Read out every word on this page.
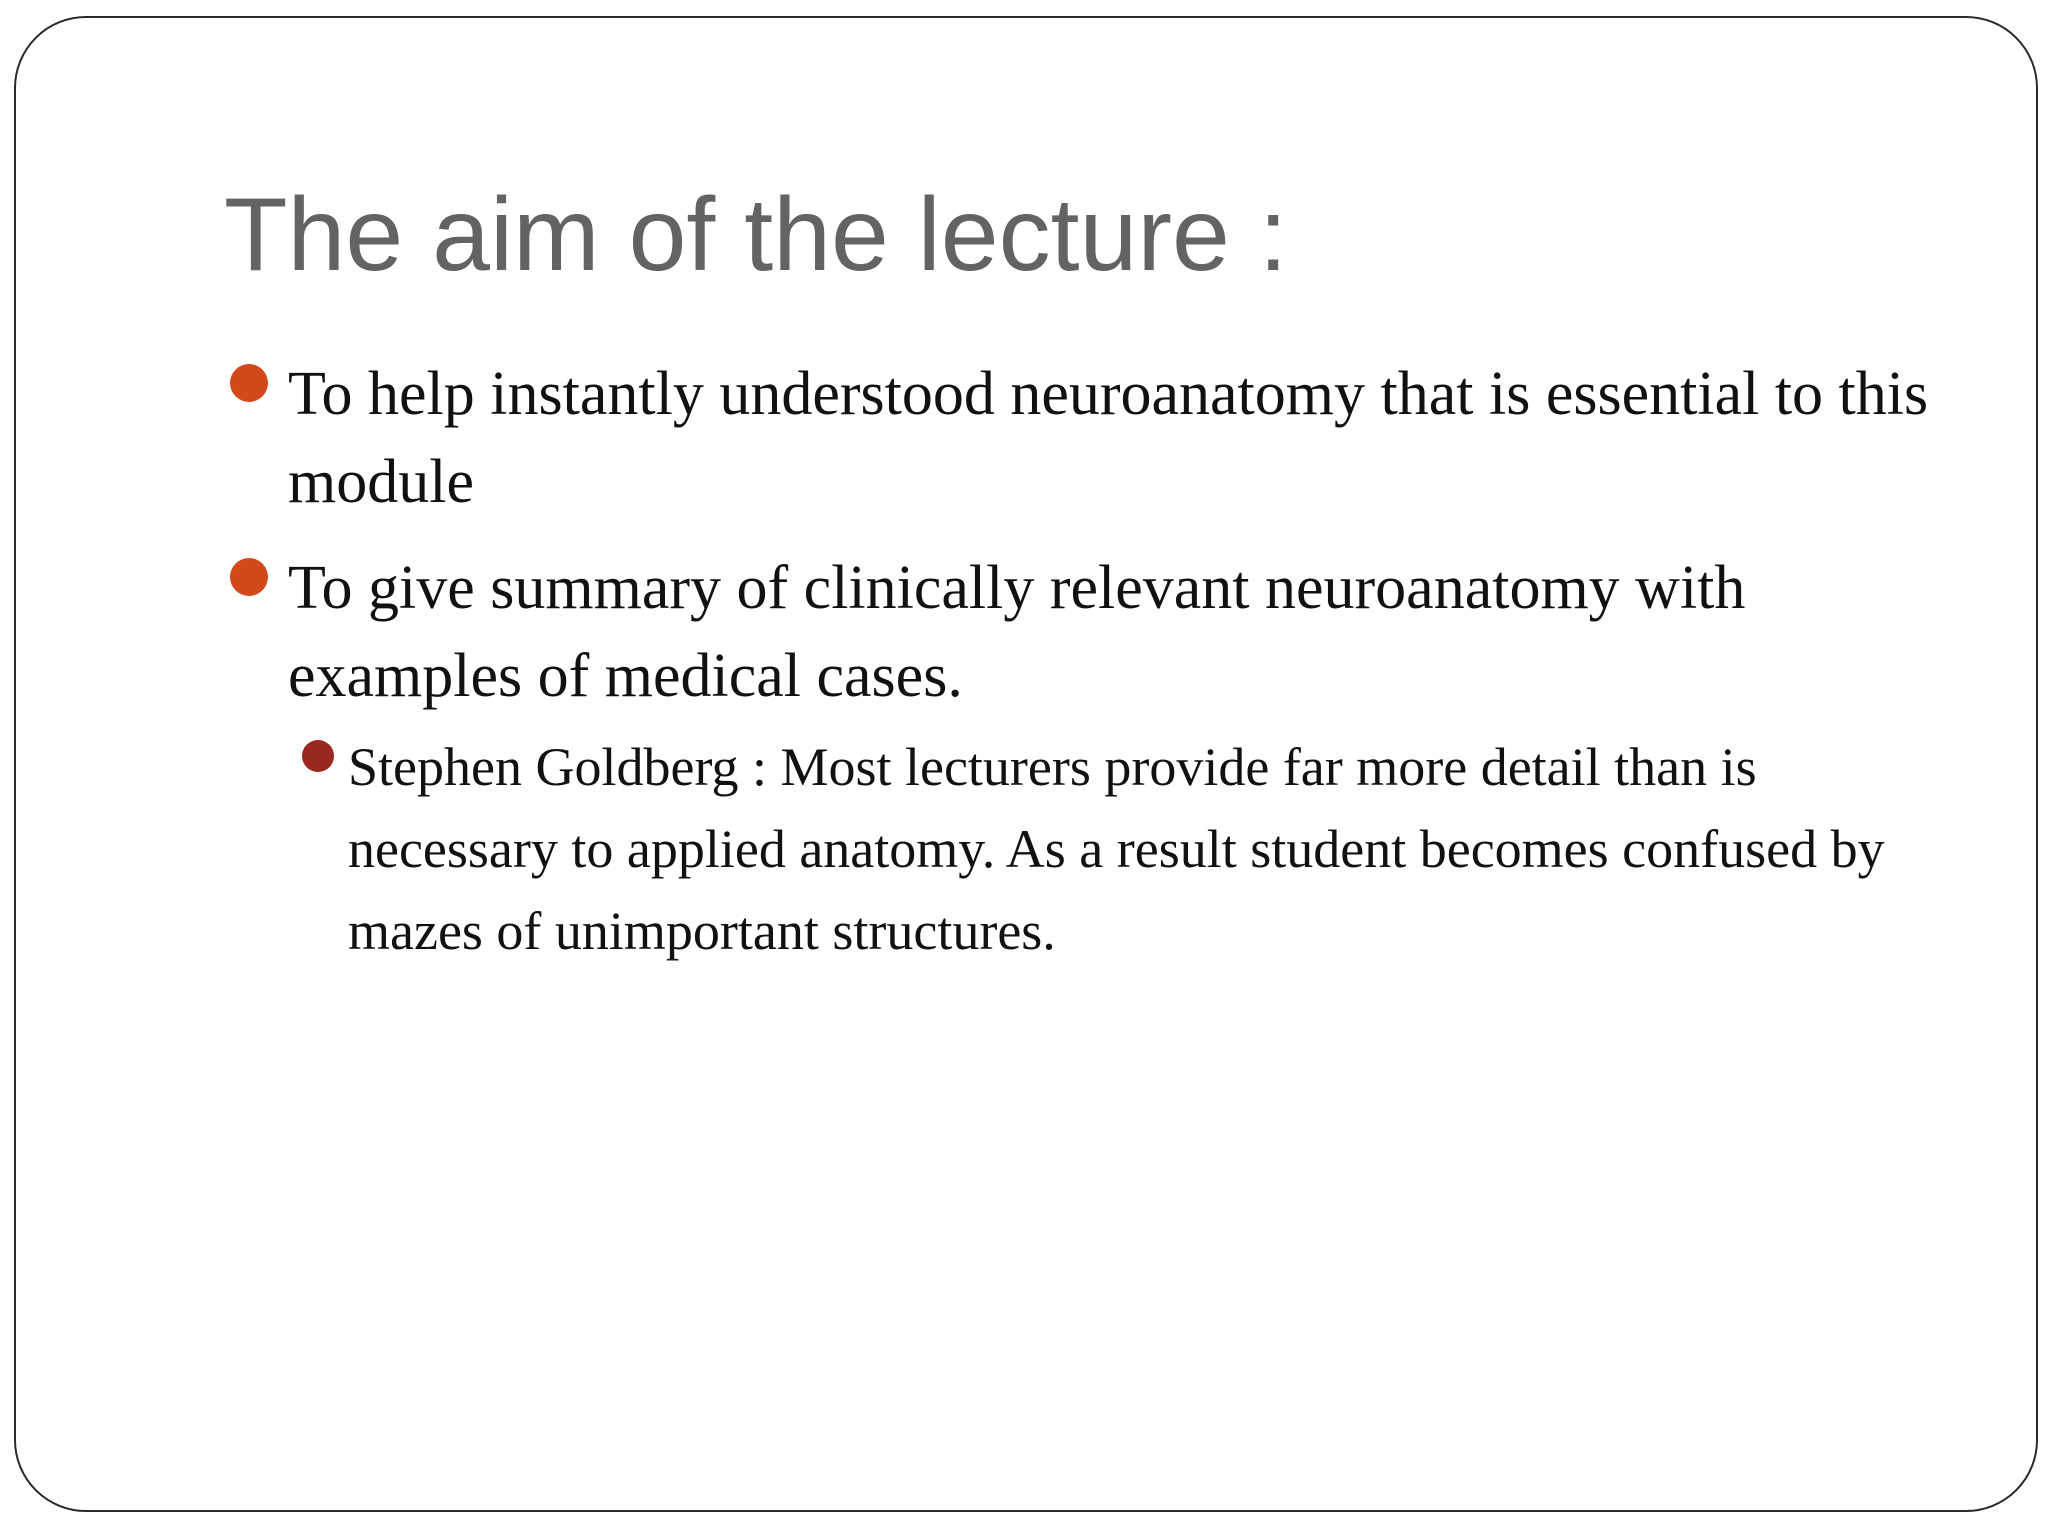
The aim of the lecture :
To help instantly understood neuroanatomy that is essential to this module
To give summary of clinically relevant neuroanatomy with examples of medical cases.
Stephen Goldberg : Most lecturers provide far more detail than is necessary to applied anatomy. As a result student becomes confused by mazes of unimportant structures.
